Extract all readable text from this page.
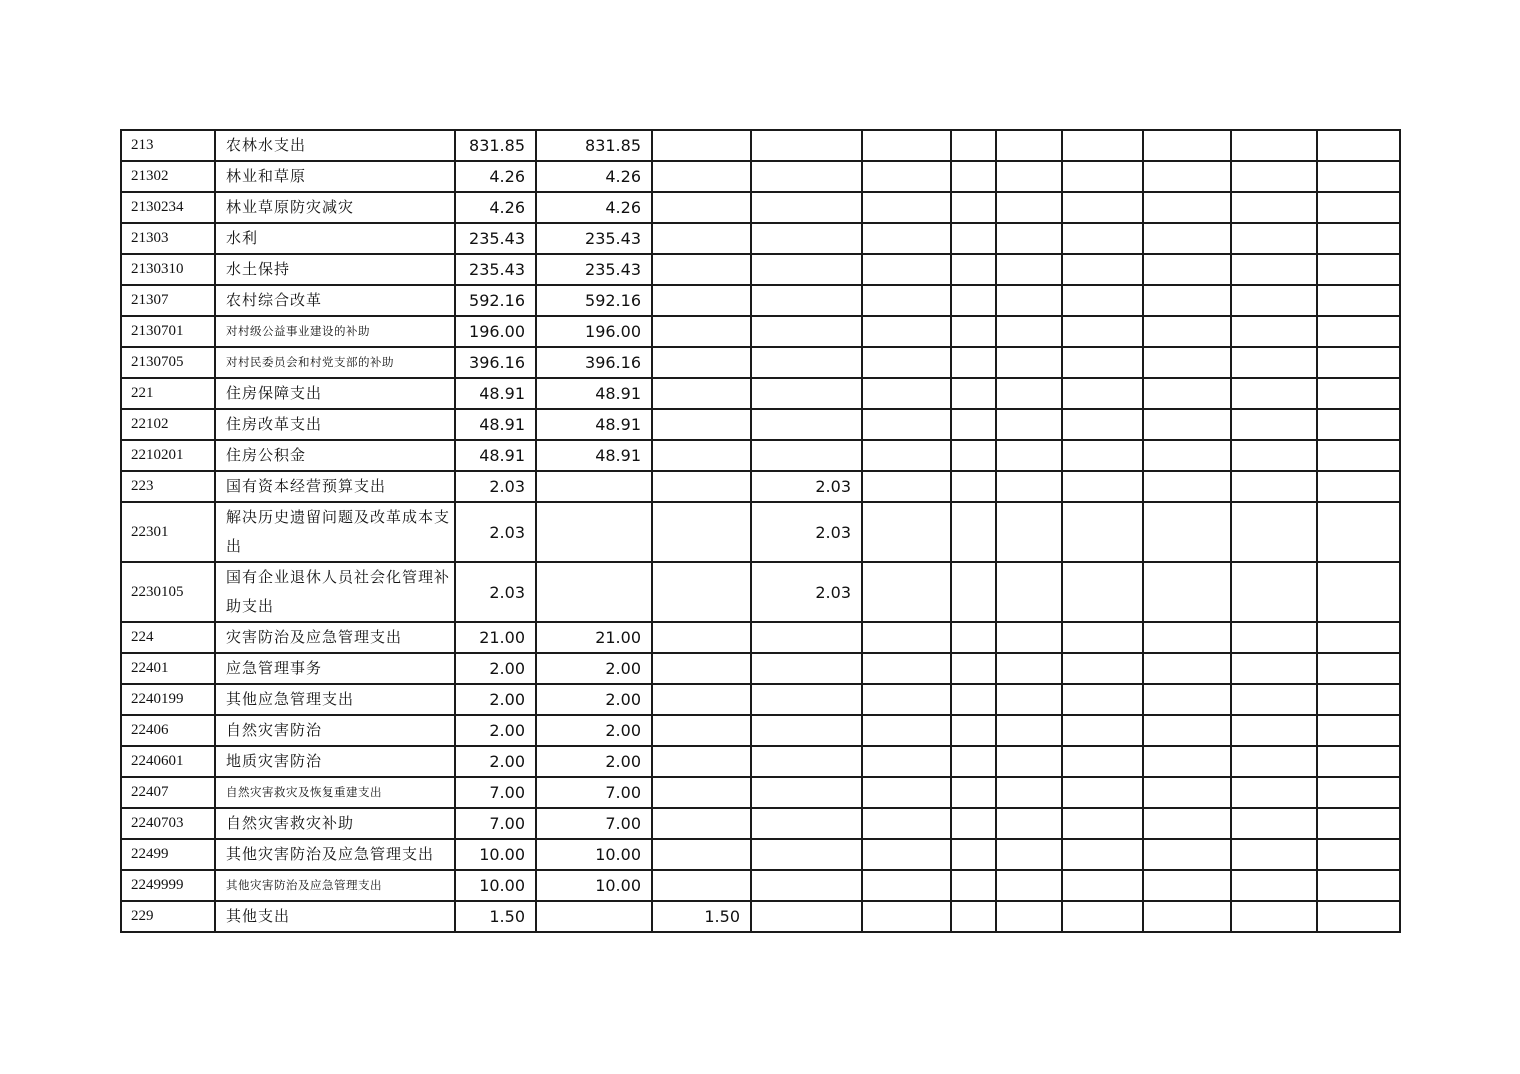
213	农林水支出	831.85	831.85									
21302	林业和草原	4.26	4.26									
2130234	林业草原防灾减灾	4.26	4.26									
21303	水利	235.43	235.43									
2130310	水土保持	235.43	235.43									
21307	农村综合改革	592.16	592.16									
2130701	对村级公益事业建设的补助	196.00	196.00									
2130705	对村民委员会和村党支部的补助	396.16	396.16									
221	住房保障支出	48.91	48.91									
22102	住房改革支出	48.91	48.91									
2210201	住房公积金	48.91	48.91									
223	国有资本经营预算支出	2.03			2.03							
22301	解决历史遗留问题及改革成本支出	2.03			2.03							
2230105	国有企业退休人员社会化管理补助支出	2.03			2.03							
224	灾害防治及应急管理支出	21.00	21.00									
22401	应急管理事务	2.00	2.00									
2240199	其他应急管理支出	2.00	2.00									
22406	自然灾害防治	2.00	2.00									
2240601	地质灾害防治	2.00	2.00									
22407	自然灾害救灾及恢复重建支出	7.00	7.00									
2240703	自然灾害救灾补助	7.00	7.00									
22499	其他灾害防治及应急管理支出	10.00	10.00									
2249999	其他灾害防治及应急管理支出	10.00	10.00									
229	其他支出	1.50		1.50								
